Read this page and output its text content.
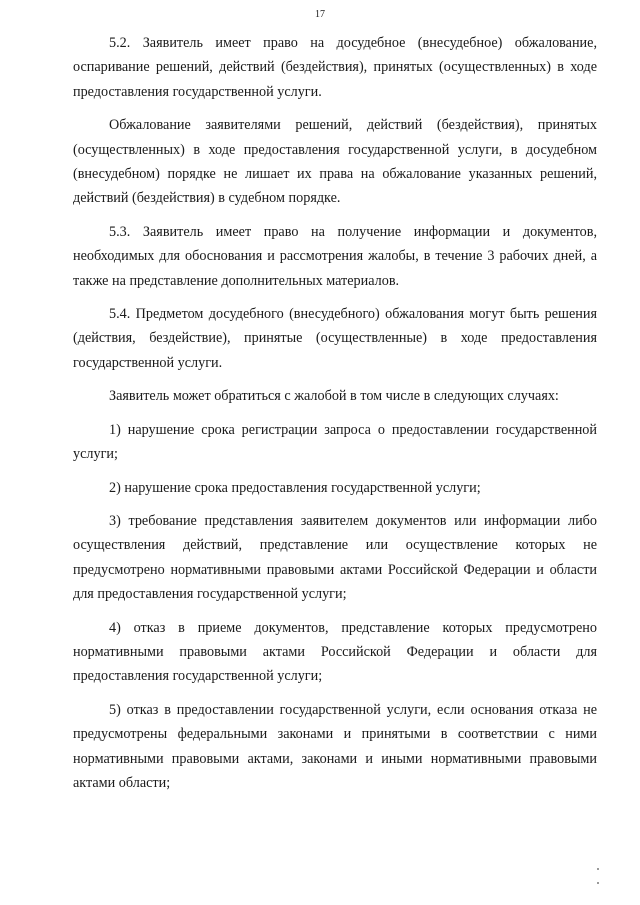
17

5.2. Заявитель имеет право на досудебное (внесудебное) обжалование, оспаривание решений, действий (бездействия), принятых (осуществленных) в ходе предоставления государственной услуги.

Обжалование заявителями решений, действий (бездействия), принятых (осуществленных) в ходе предоставления государственной услуги, в досудебном (внесудебном) порядке не лишает их права на обжалование указанных решений, действий (бездействия) в судебном порядке.

5.3. Заявитель имеет право на получение информации и документов, необходимых для обоснования и рассмотрения жалобы, в течение 3 рабочих дней, а также на представление дополнительных материалов.

5.4. Предметом досудебного (внесудебного) обжалования могут быть решения (действия, бездействие), принятые (осуществленные) в ходе предоставления государственной услуги.

Заявитель может обратиться с жалобой в том числе в следующих случаях:

1) нарушение срока регистрации запроса о предоставлении государственной услуги;

2) нарушение срока предоставления государственной услуги;

3) требование представления заявителем документов или информации либо осуществления действий, представление или осуществление которых не предусмотрено нормативными правовыми актами Российской Федерации и области для предоставления государственной услуги;

4) отказ в приеме документов, представление которых предусмотрено нормативными правовыми актами Российской Федерации и области для предоставления государственной услуги;

5) отказ в предоставлении государственной услуги, если основания отказа не предусмотрены федеральными законами и принятыми в соответствии с ними нормативными правовыми актами, законами и иными нормативными правовыми актами области;
